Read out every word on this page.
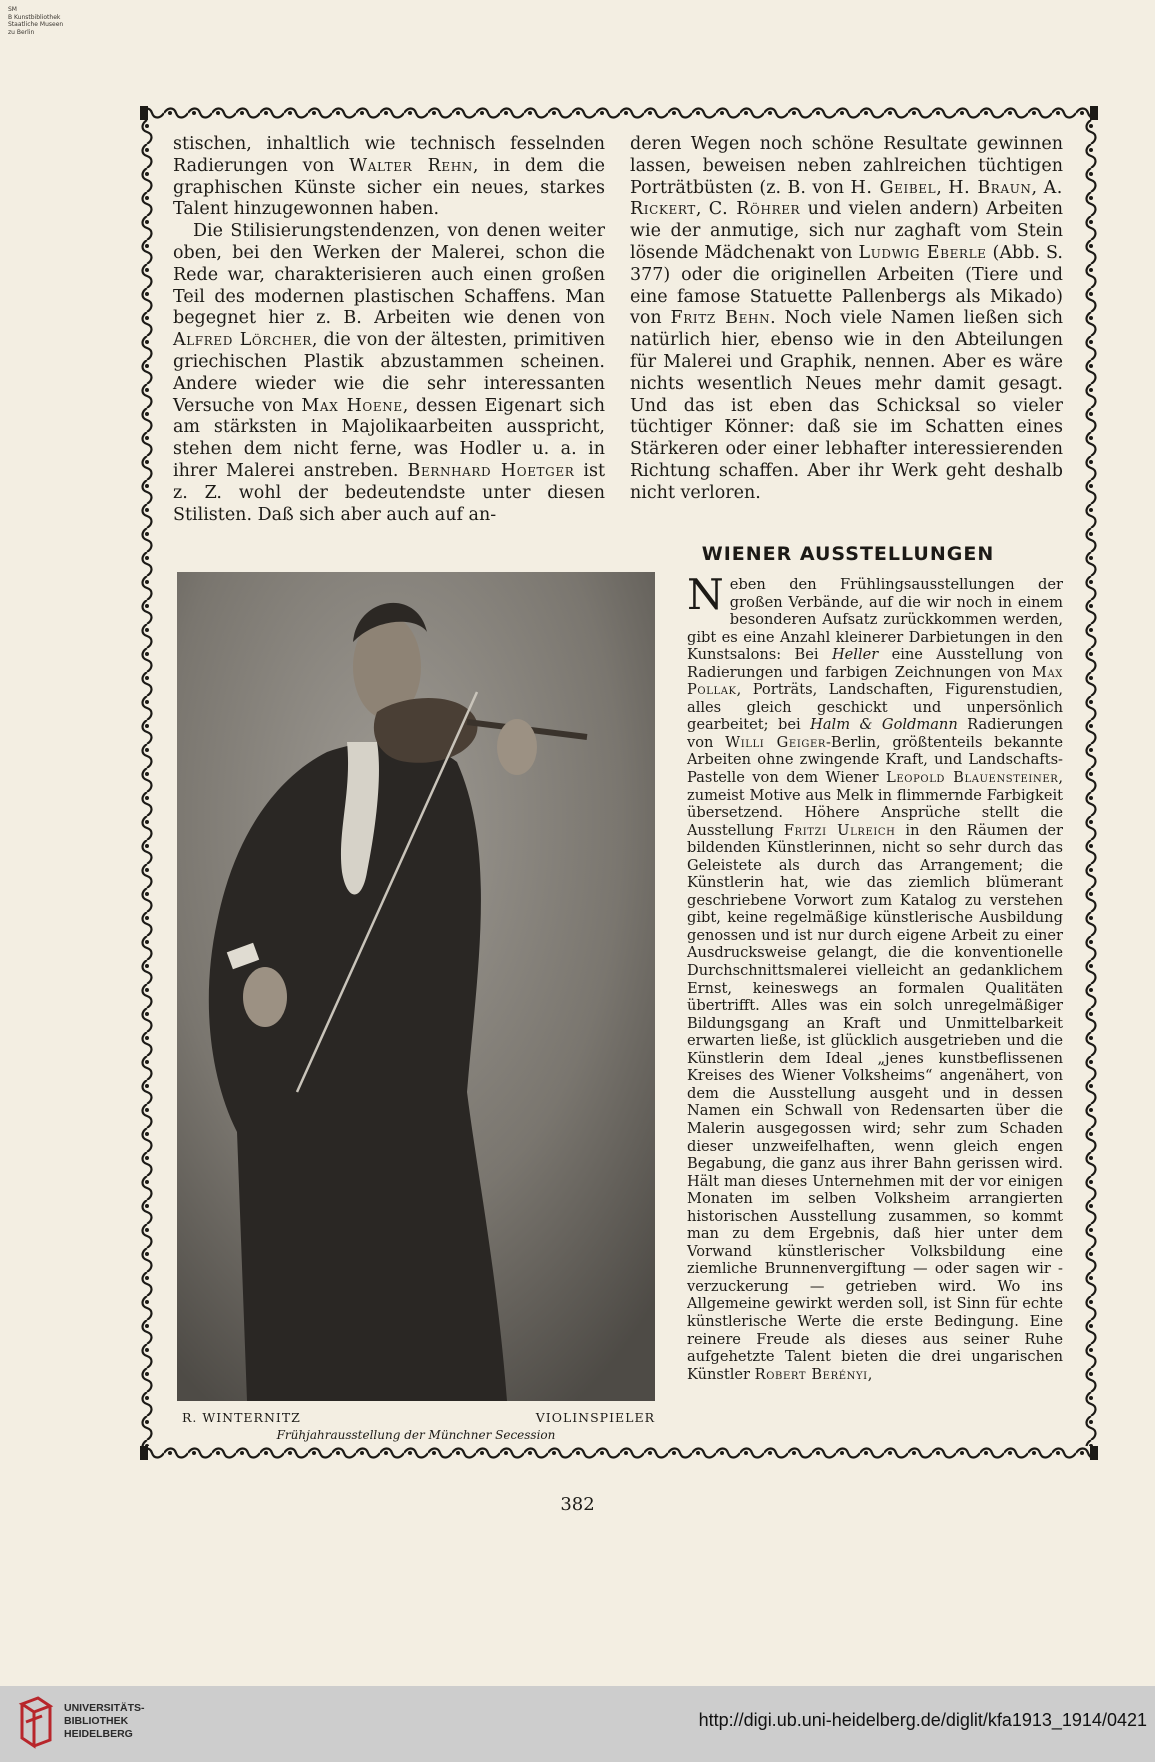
SM
B Kunstbibliothek
Staatliche Museen
zu Berlin

stischen, inhaltlich wie technisch fesselnden Radierungen von Walter Rehn, in dem die graphischen Künste sicher ein neues, starkes Talent hinzugewonnen haben.

Die Stilisierungstendenzen, von denen weiter oben, bei den Werken der Malerei, schon die Rede war, charakterisieren auch einen großen Teil des modernen plastischen Schaffens. Man begegnet hier z. B. Arbeiten wie denen von Alfred Lörcher, die von der ältesten, primitiven griechischen Plastik abzustammen scheinen. Andere wieder wie die sehr interessanten Versuche von Max Hoene, dessen Eigenart sich am stärksten in Majolikaarbeiten ausspricht, stehen dem nicht ferne, was Hodler u. a. in ihrer Malerei anstreben. Bernhard Hoetger ist z. Z. wohl der bedeutendste unter diesen Stilisten. Daß sich aber auch auf an-

deren Wegen noch schöne Resultate gewinnen lassen, beweisen neben zahlreichen tüchtigen Porträtbüsten (z. B. von H. Geibel, H. Braun, A. Rickert, C. Röhrer und vielen andern) Arbeiten wie der anmutige, sich nur zaghaft vom Stein lösende Mädchenakt von Ludwig Eberle (Abb. S. 377) oder die originellen Arbeiten (Tiere und eine famose Statuette Pallenbergs als Mikado) von Fritz Behn. Noch viele Namen ließen sich natürlich hier, ebenso wie in den Abteilungen für Malerei und Graphik, nennen. Aber es wäre nichts wesentlich Neues mehr damit gesagt. Und das ist eben das Schicksal so vieler tüchtiger Könner: daß sie im Schatten eines Stärkeren oder einer lebhafter interessierenden Richtung schaffen. Aber ihr Werk geht deshalb nicht verloren.

WIENER AUSSTELLUNGEN
N eben den Frühlingsausstellungen der großen Verbände, auf die wir noch in einem besonderen Aufsatz zurückkommen werden, gibt es eine Anzahl kleinerer Darbietungen in den Kunstsalons: Bei Heller eine Ausstellung von Radierungen und farbigen Zeichnungen von Max Pollak, Porträts, Landschaften, Figurenstudien, alles gleich geschickt und unpersönlich gearbeitet; bei Halm & Goldmann Radierungen von Willi Geiger-Berlin, größtenteils bekannte Arbeiten ohne zwingende Kraft, und Landschafts-Pastelle von dem Wiener Leopold Blauensteiner, zumeist Motive aus Melk in flimmernde Farbigkeit übersetzend. Höhere Ansprüche stellt die Ausstellung Fritzi Ulreich in den Räumen der bildenden Künstlerinnen, nicht so sehr durch das Geleistete als durch das Arrangement; die Künstlerin hat, wie das ziemlich blümerant geschriebene Vorwort zum Katalog zu verstehen gibt, keine regelmäßige künstlerische Ausbildung genossen und ist nur durch eigene Arbeit zu einer Ausdrucksweise gelangt, die die konventionelle Durchschnittsmalerei vielleicht an gedanklichem Ernst, keineswegs an formalen Qualitäten übertrifft. Alles was ein solch unregelmäßiger Bildungsgang an Kraft und Unmittelbarkeit erwarten ließe, ist glücklich ausgetrieben und die Künstlerin dem Ideal „jenes kunstbeflissenen Kreises des Wiener Volksheims“ angenähert, von dem die Ausstellung ausgeht und in dessen Namen ein Schwall von Redensarten über die Malerin ausgegossen wird; sehr zum Schaden dieser unzweifelhaften, wenn gleich engen Begabung, die ganz aus ihrer Bahn gerissen wird. Hält man dieses Unternehmen mit der vor einigen Monaten im selben Volksheim arrangierten historischen Ausstellung zusammen, so kommt man zu dem Ergebnis, daß hier unter dem Vorwand künstlerischer Volksbildung eine ziemliche Brunnenvergiftung — oder sagen wir -verzuckerung — getrieben wird. Wo ins Allgemeine gewirkt werden soll, ist Sinn für echte künstlerische Werte die erste Bedingung. Eine reinere Freude als dieses aus seiner Ruhe aufgehetzte Talent bieten die drei ungarischen Künstler Robert Berényi,
R. WINTERNITZ	VIOLINSPIELER
Frühjahrausstellung der Münchner Secession
382
UNIVERSITÄTS-
BIBLIOTHEK
HEIDELBERG
http://digi.ub.uni-heidelberg.de/diglit/kfa1913_1914/0421
